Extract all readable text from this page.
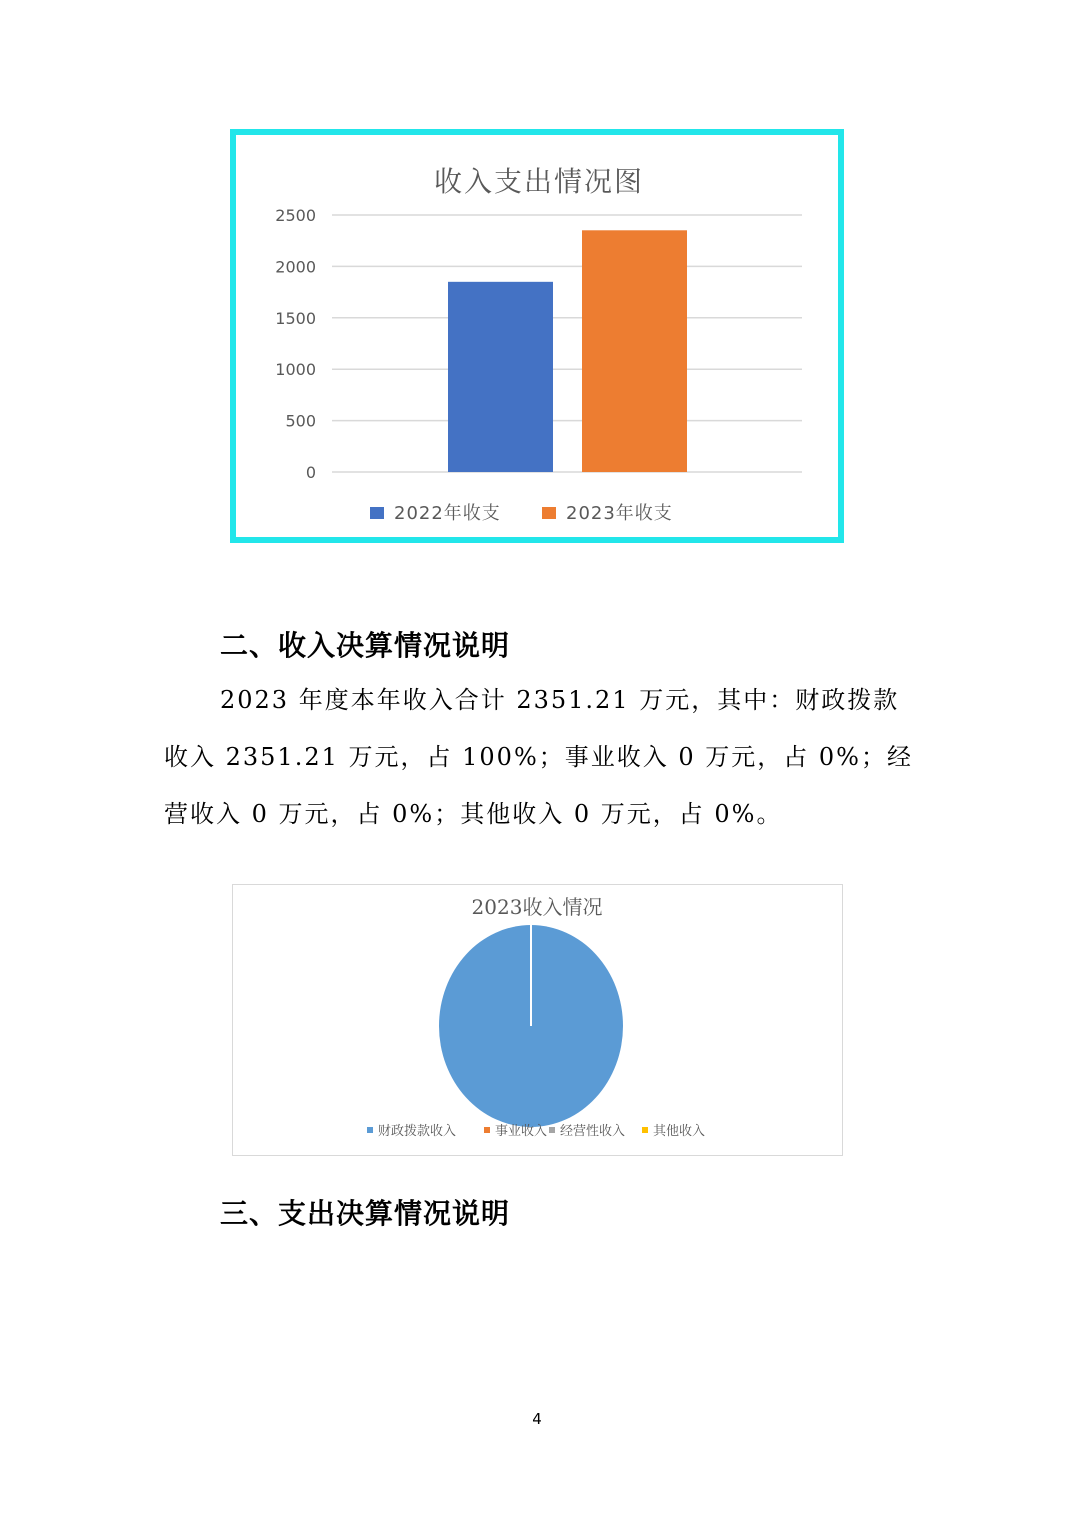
收入支出情况图
0
500
1000
1500
2000
2500
2022年收支	2023年收支
二、收入决算情况说明

2023 年度本年收入合计 2351.21 万元，其中：财政拨款

收入 2351.21 万元，占 100%；事业收入 0 万元，占 0%；经

营收入 0 万元，占 0%；其他收入 0 万元，占 0%。

2023收入情况
财政拨款收入	事业收入 经营性收入 其他收入
三、支出决算情况说明
4
